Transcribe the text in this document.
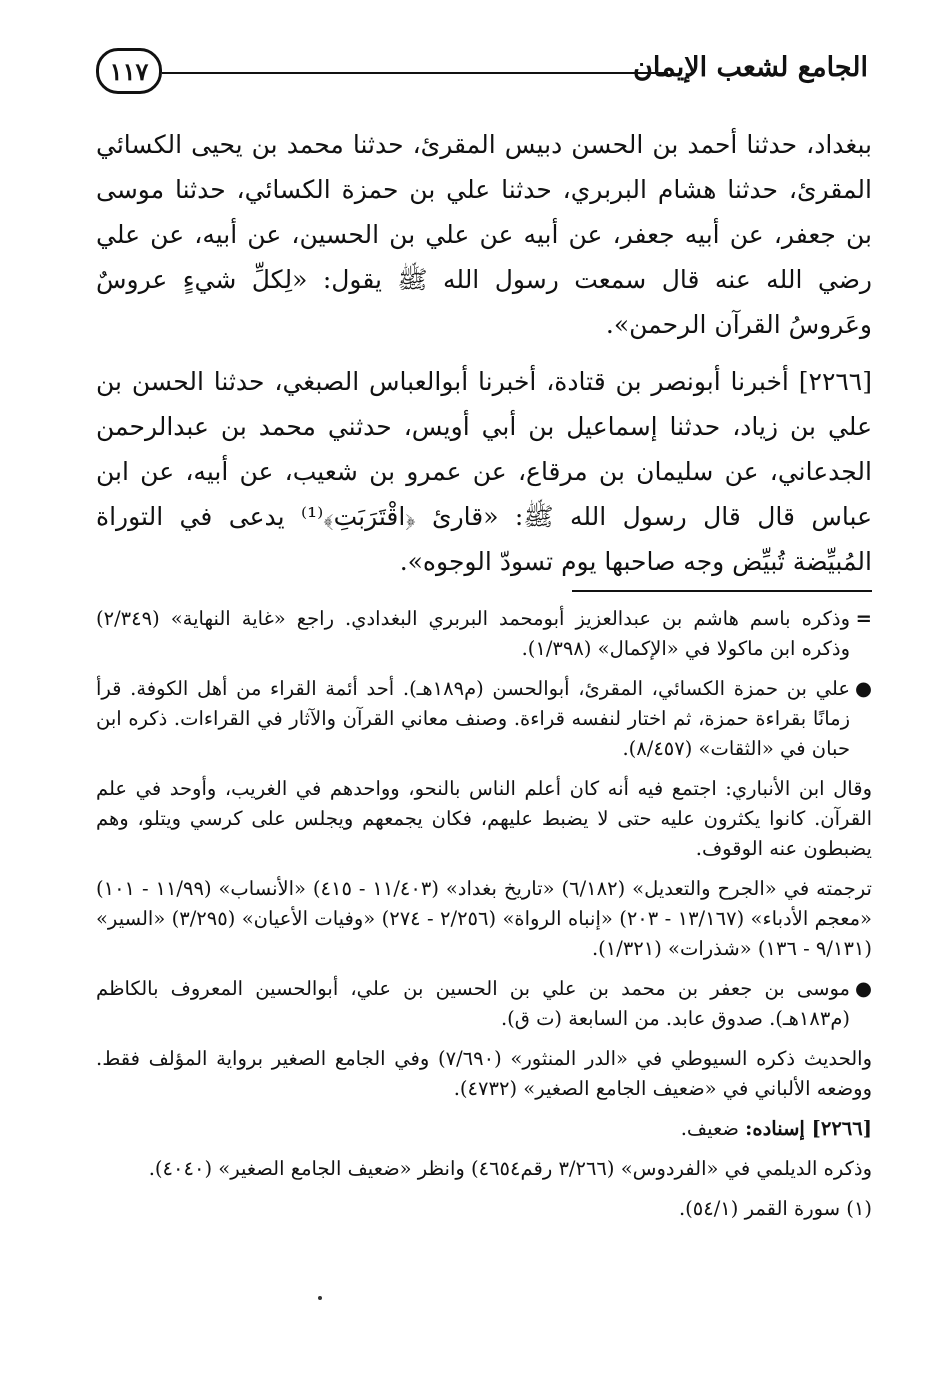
١١٧	الجامع لشعب الإيمان

ببغداد، حدثنا أحمد بن الحسن دبيس المقرئ، حدثنا محمد بن يحيى الكسائي المقرئ، حدثنا هشام البربري، حدثنا علي بن حمزة الكسائي، حدثنا موسى بن جعفر، عن أبيه جعفر، عن أبيه عن علي بن الحسين، عن أبيه، عن علي رضي الله عنه قال سمعت رسول الله ﷺ يقول: «لِكلِّ شيءٍ عروسٌ وعَروسُ القرآن الرحمن».

[٢٢٦٦] أخبرنا أبونصر بن قتادة، أخبرنا أبوالعباس الصبغي، حدثنا الحسن بن علي بن زياد، حدثنا إسماعيل بن أبي أويس، حدثني محمد بن عبدالرحمن الجدعاني، عن سليمان بن مرقاع، عن عمرو بن شعيب، عن أبيه، عن ابن عباس قال قال رسول الله ﷺ: «قارئ ﴿اقْتَرَبَتِ﴾⁽¹⁾ يدعى في التوراة المُبيِّضة تُبيِّض وجه صاحبها يوم تسودّ الوجوه».

=
وذكره باسم هاشم بن عبدالعزيز أبومحمد البربري البغدادي. راجع «غاية النهاية» (٢/٣٤٩) وذكره ابن ماكولا في «الإكمال» (١/٣٩٨).

●
علي بن حمزة الكسائي، المقرئ، أبوالحسن (م١٨٩هـ). أحد أئمة القراء من أهل الكوفة. قرأ زمانًا بقراءة حمزة، ثم اختار لنفسه قراءة. وصنف معاني القرآن والآثار في القراءات. ذكره ابن حبان في «الثقات» (٨/٤٥٧).

وقال ابن الأنباري: اجتمع فيه أنه كان أعلم الناس بالنحو، وواحدهم في الغريب، وأوحد في علم القرآن. كانوا يكثرون عليه حتى لا يضبط عليهم، فكان يجمعهم ويجلس على كرسي ويتلو، وهم يضبطون عنه الوقوف.

ترجمته في «الجرح والتعديل» (٦/١٨٢) «تاريخ بغداد» (١١/٤٠٣ - ٤١٥) «الأنساب» (١١/٩٩ - ١٠١) «معجم الأدباء» (١٣/١٦٧ - ٢٠٣) «إنباه الرواة» (٢/٢٥٦ - ٢٧٤) «وفيات الأعيان» (٣/٢٩٥) «السير» (٩/١٣١ - ١٣٦) «شذرات» (١/٣٢١).

●
موسى بن جعفر بن محمد بن علي بن الحسين بن علي، أبوالحسين المعروف بالكاظم (م١٨٣هـ). صدوق عابد. من السابعة (ت ق).

والحديث ذكره السيوطي في «الدر المنثور» (٧/٦٩٠) وفي الجامع الصغير برواية المؤلف فقط. ووضعه الألباني في «ضعيف الجامع الصغير» (٤٧٣٢).

[٢٢٦٦] إسناده: ضعيف.

وذكره الديلمي في «الفردوس» (٣/٢٦٦ رقم٤٦٥٤) وانظر «ضعيف الجامع الصغير» (٤٠٤٠).

(١) سورة القمر (٥٤/١).
